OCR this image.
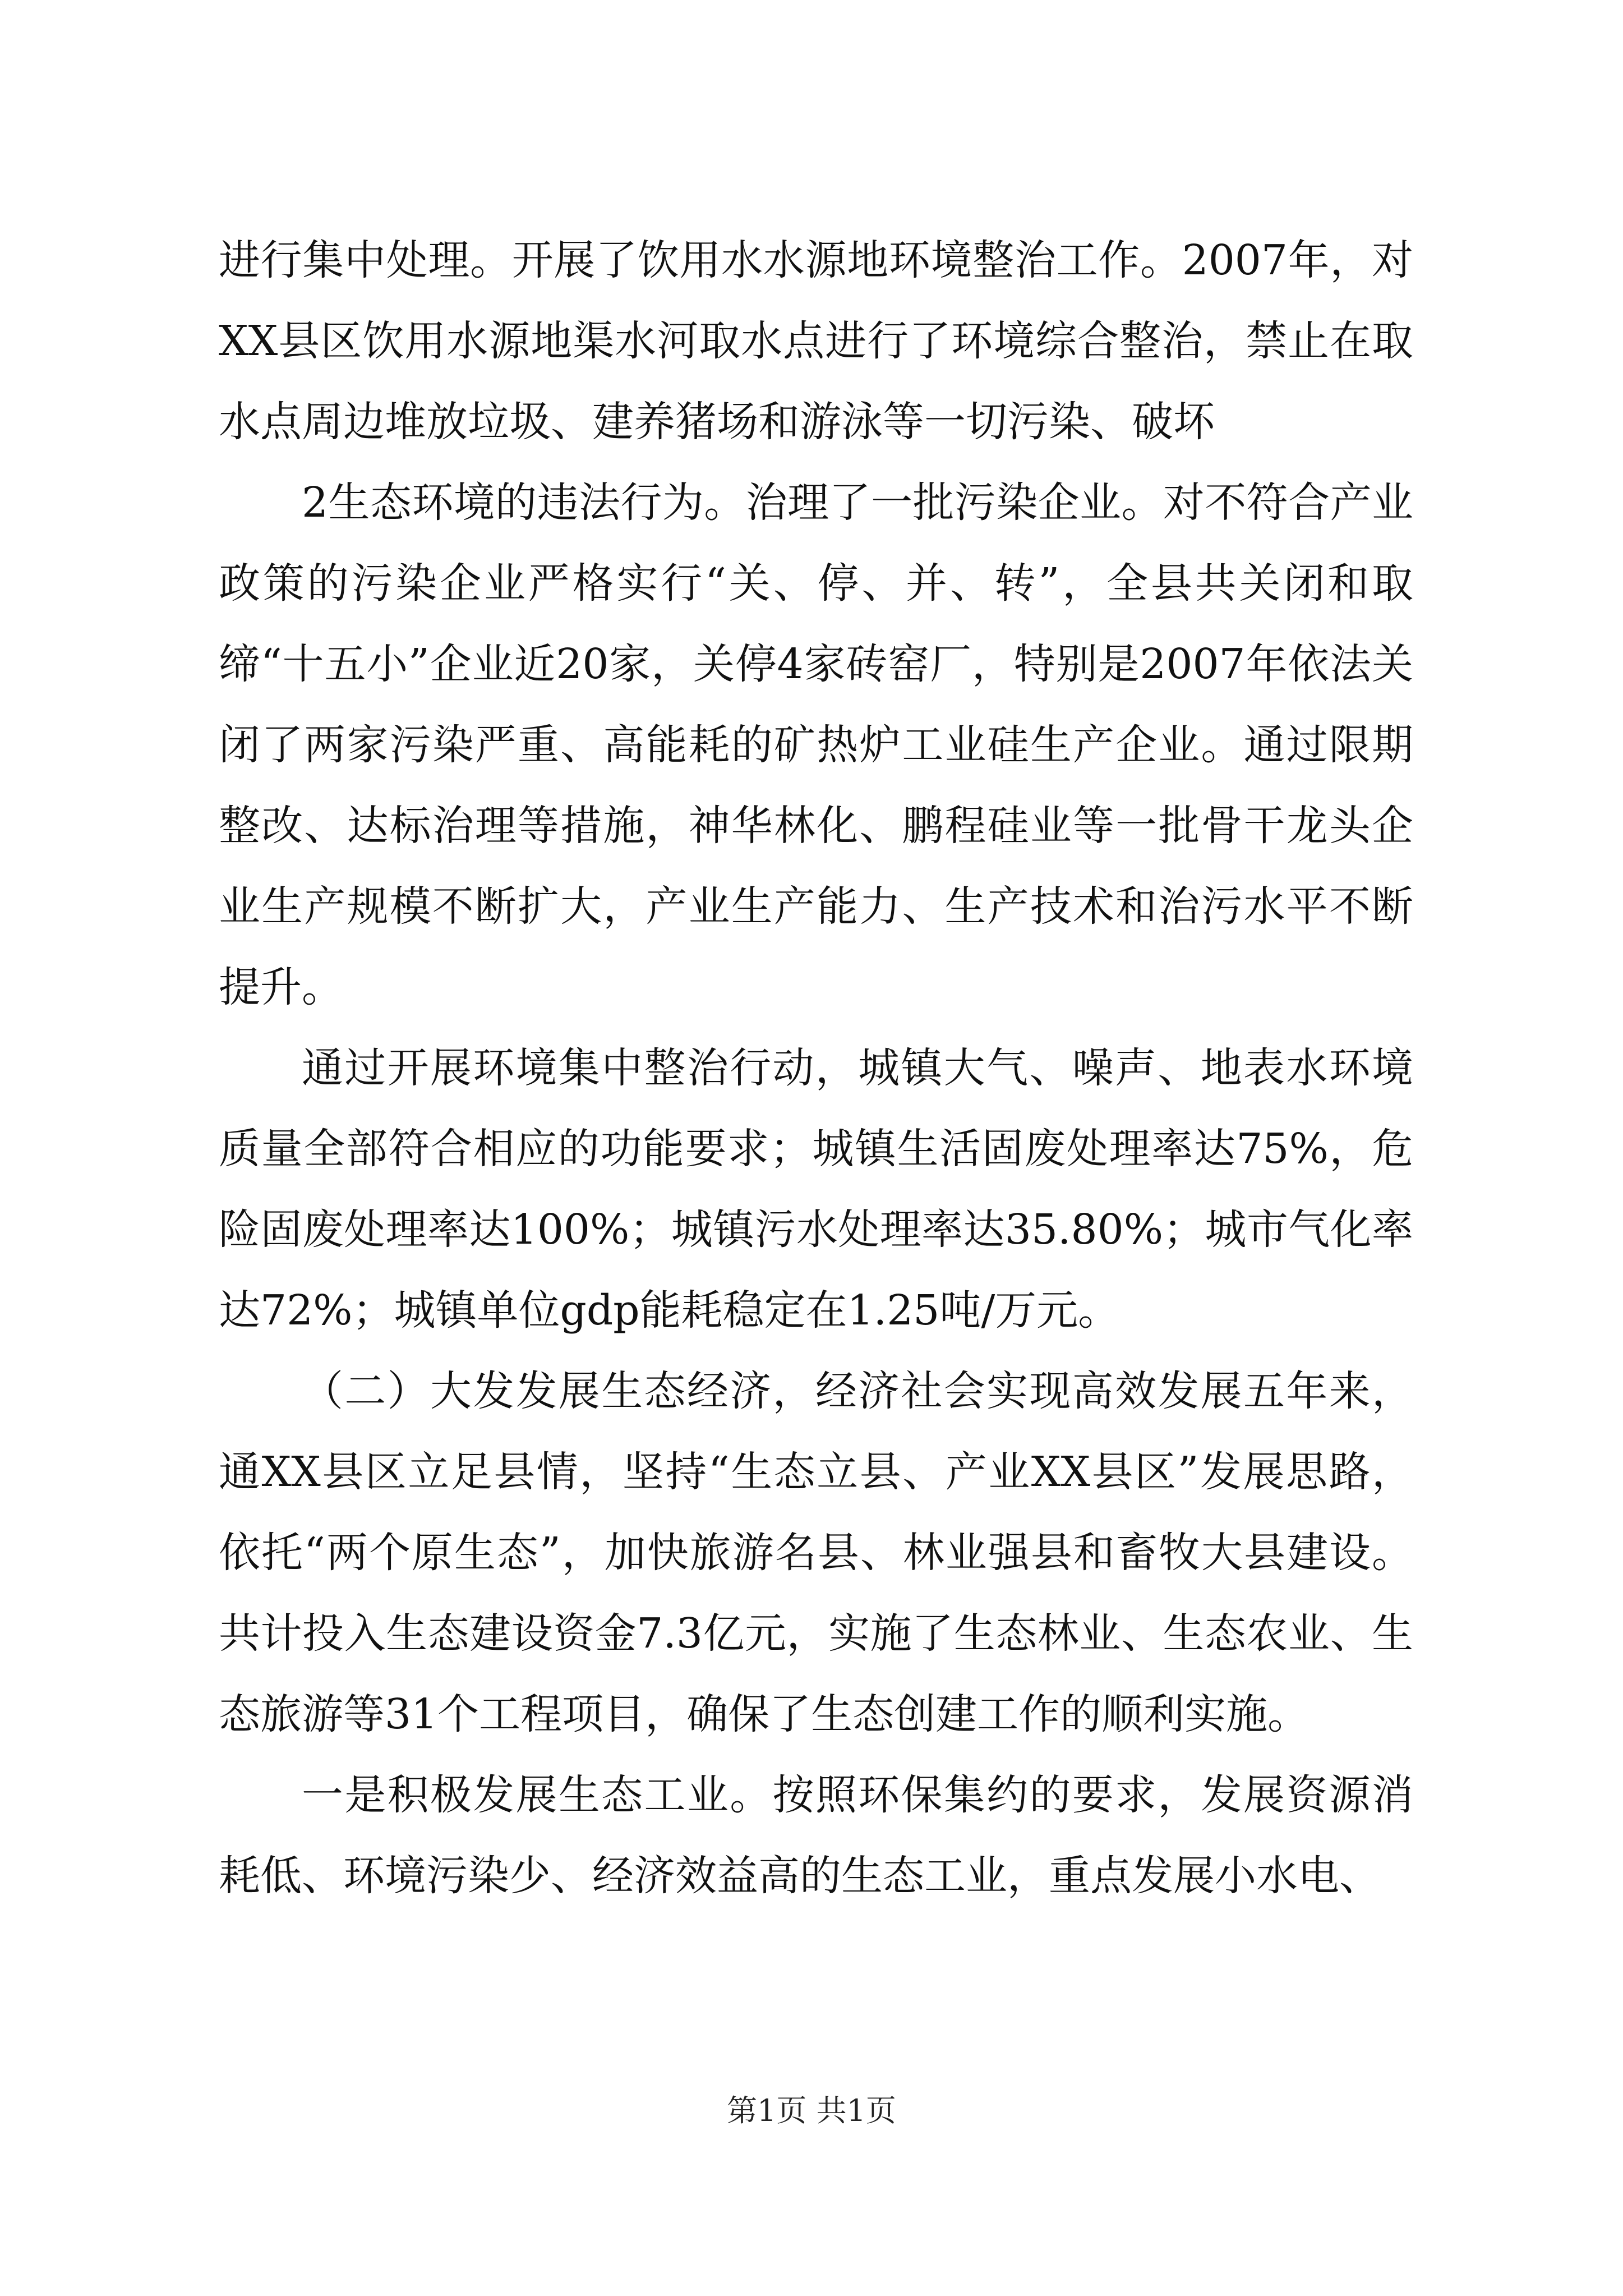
进行集中处理。开展了饮用水水源地环境整治工作。2007年，对XX县区饮用水源地渠水河取水点进行了环境综合整治，禁止在取水点周边堆放垃圾、建养猪场和游泳等一切污染、破坏

2生态环境的违法行为。治理了一批污染企业。对不符合产业政策的污染企业严格实行“关、停、并、转”，全县共关闭和取缔“十五小”企业近20家，关停4家砖窑厂，特别是2007年依法关闭了两家污染严重、高能耗的矿热炉工业硅生产企业。通过限期整改、达标治理等措施，神华林化、鹏程硅业等一批骨干龙头企业生产规模不断扩大，产业生产能力、生产技术和治污水平不断提升。

通过开展环境集中整治行动，城镇大气、噪声、地表水环境质量全部符合相应的功能要求；城镇生活固废处理率达75%，危险固废处理率达100%；城镇污水处理率达35.80%；城市气化率达72%；城镇单位gdp能耗稳定在1.25吨/万元。

（二）大发发展生态经济，经济社会实现高效发展五年来，通XX县区立足县情，坚持“生态立县、产业XX县区”发展思路，依托“两个原生态”，加快旅游名县、林业强县和畜牧大县建设。共计投入生态建设资金7.3亿元，实施了生态林业、生态农业、生态旅游等31个工程项目，确保了生态创建工作的顺利实施。

一是积极发展生态工业。按照环保集约的要求，发展资源消耗低、环境污染少、经济效益高的生态工业，重点发展小水电、

第1页 共1页
